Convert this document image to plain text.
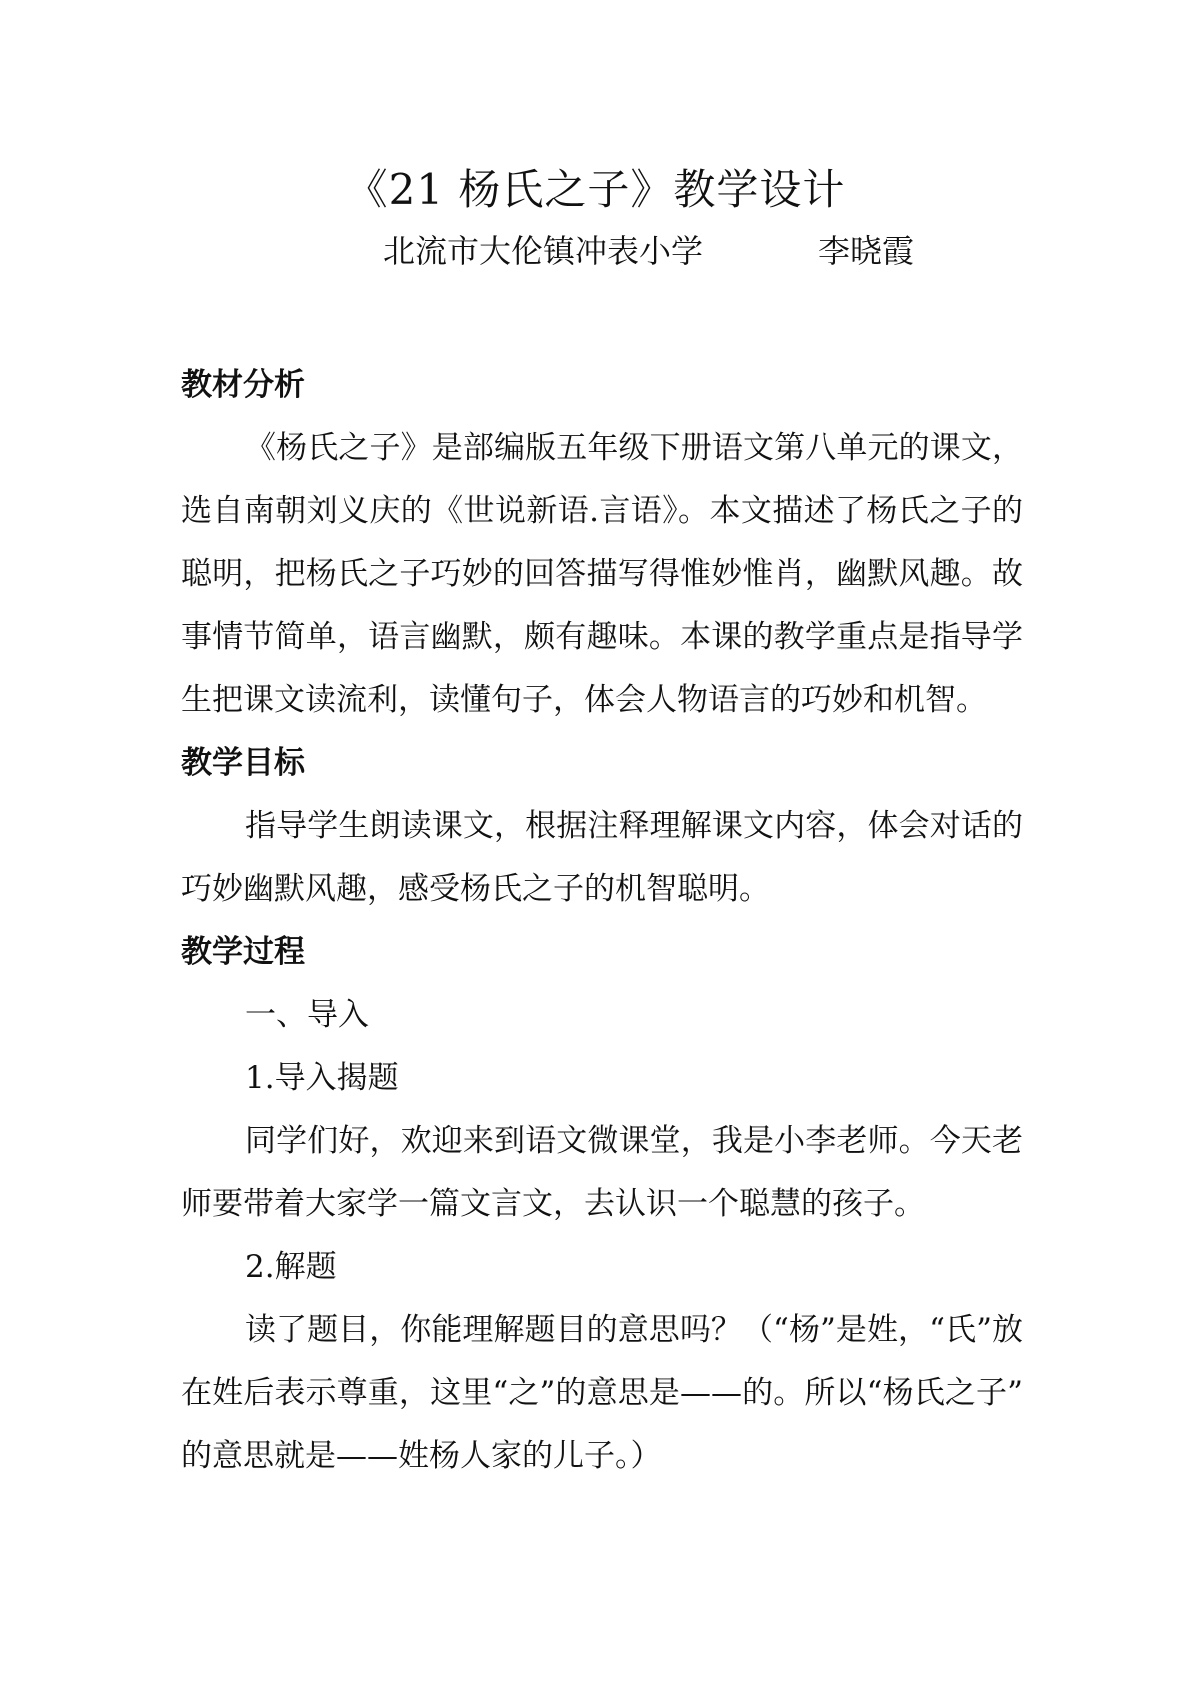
《21 杨氏之子》教学设计
北流市大伦镇冲表小学	李晓霞
教材分析

《杨氏之子》是部编版五年级下册语文第八单元的课文，选自南朝刘义庆的《世说新语.言语》。本文描述了杨氏之子的聪明，把杨氏之子巧妙的回答描写得惟妙惟肖，幽默风趣。故事情节简单，语言幽默，颇有趣味。本课的教学重点是指导学生把课文读流利，读懂句子，体会人物语言的巧妙和机智。

教学目标

指导学生朗读课文，根据注释理解课文内容，体会对话的巧妙幽默风趣，感受杨氏之子的机智聪明。

教学过程
一、导入
1.导入揭题

同学们好，欢迎来到语文微课堂，我是小李老师。今天老师要带着大家学一篇文言文，去认识一个聪慧的孩子。

2.解题

读了题目，你能理解题目的意思吗？（“杨”是姓，“氏”放在姓后表示尊重，这里“之”的意思是——的。所以“杨氏之子”的意思就是——姓杨人家的儿子。）
